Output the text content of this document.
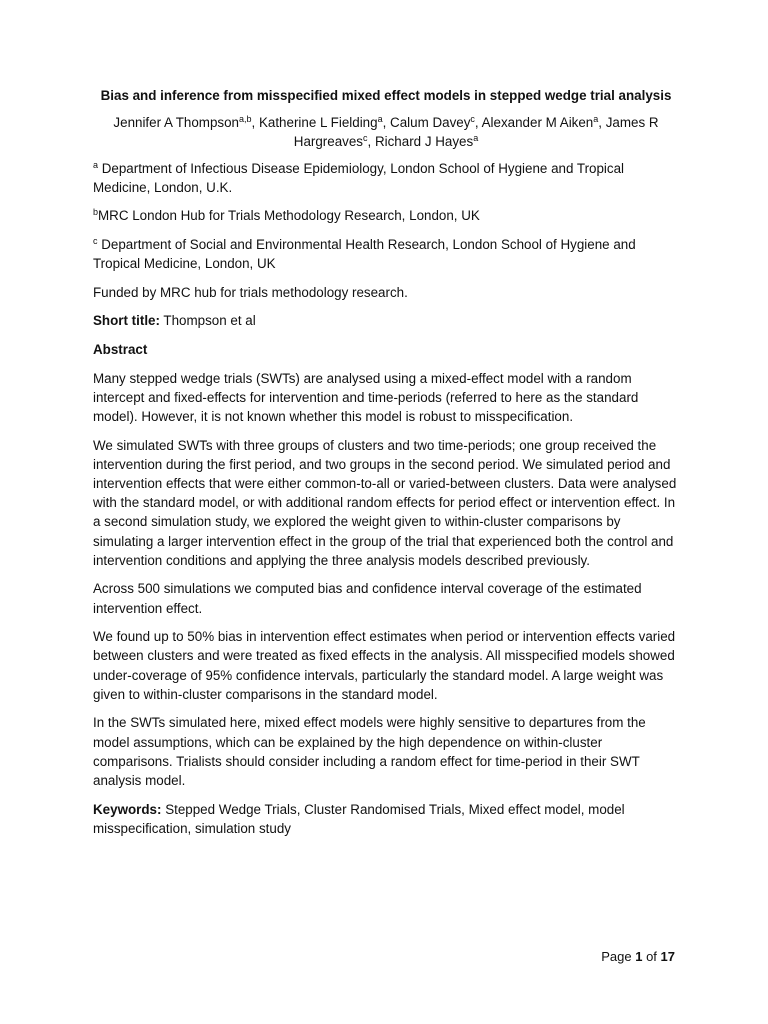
Bias and inference from misspecified mixed effect models in stepped wedge trial analysis
Jennifer A Thompson$^{a,b}$, Katherine L Fielding$^a$, Calum Davey$^c$, Alexander M Aiken$^a$, James R Hargreaves$^c$, Richard J Hayes$^a$

$^a$ Department of Infectious Disease Epidemiology, London School of Hygiene and Tropical Medicine, London, U.K.

$^b$MRC London Hub for Trials Methodology Research, London, UK

$^c$ Department of Social and Environmental Health Research, London School of Hygiene and Tropical Medicine, London, UK

Funded by MRC hub for trials methodology research.

Short title: Thompson et al

Abstract

Many stepped wedge trials (SWTs) are analysed using a mixed-effect model with a random intercept and fixed-effects for intervention and time-periods (referred to here as the standard model). However, it is not known whether this model is robust to misspecification.

We simulated SWTs with three groups of clusters and two time-periods; one group received the intervention during the first period, and two groups in the second period. We simulated period and intervention effects that were either common-to-all or varied-between clusters. Data were analysed with the standard model, or with additional random effects for period effect or intervention effect. In a second simulation study, we explored the weight given to within-cluster comparisons by simulating a larger intervention effect in the group of the trial that experienced both the control and intervention conditions and applying the three analysis models described previously.

Across 500 simulations we computed bias and confidence interval coverage of the estimated intervention effect.

We found up to 50% bias in intervention effect estimates when period or intervention effects varied between clusters and were treated as fixed effects in the analysis. All misspecified models showed under-coverage of 95% confidence intervals, particularly the standard model. A large weight was given to within-cluster comparisons in the standard model.

In the SWTs simulated here, mixed effect models were highly sensitive to departures from the model assumptions, which can be explained by the high dependence on within-cluster comparisons. Trialists should consider including a random effect for time-period in their SWT analysis model.

Keywords: Stepped Wedge Trials, Cluster Randomised Trials, Mixed effect model, model misspecification, simulation study

Page 1 of 17
